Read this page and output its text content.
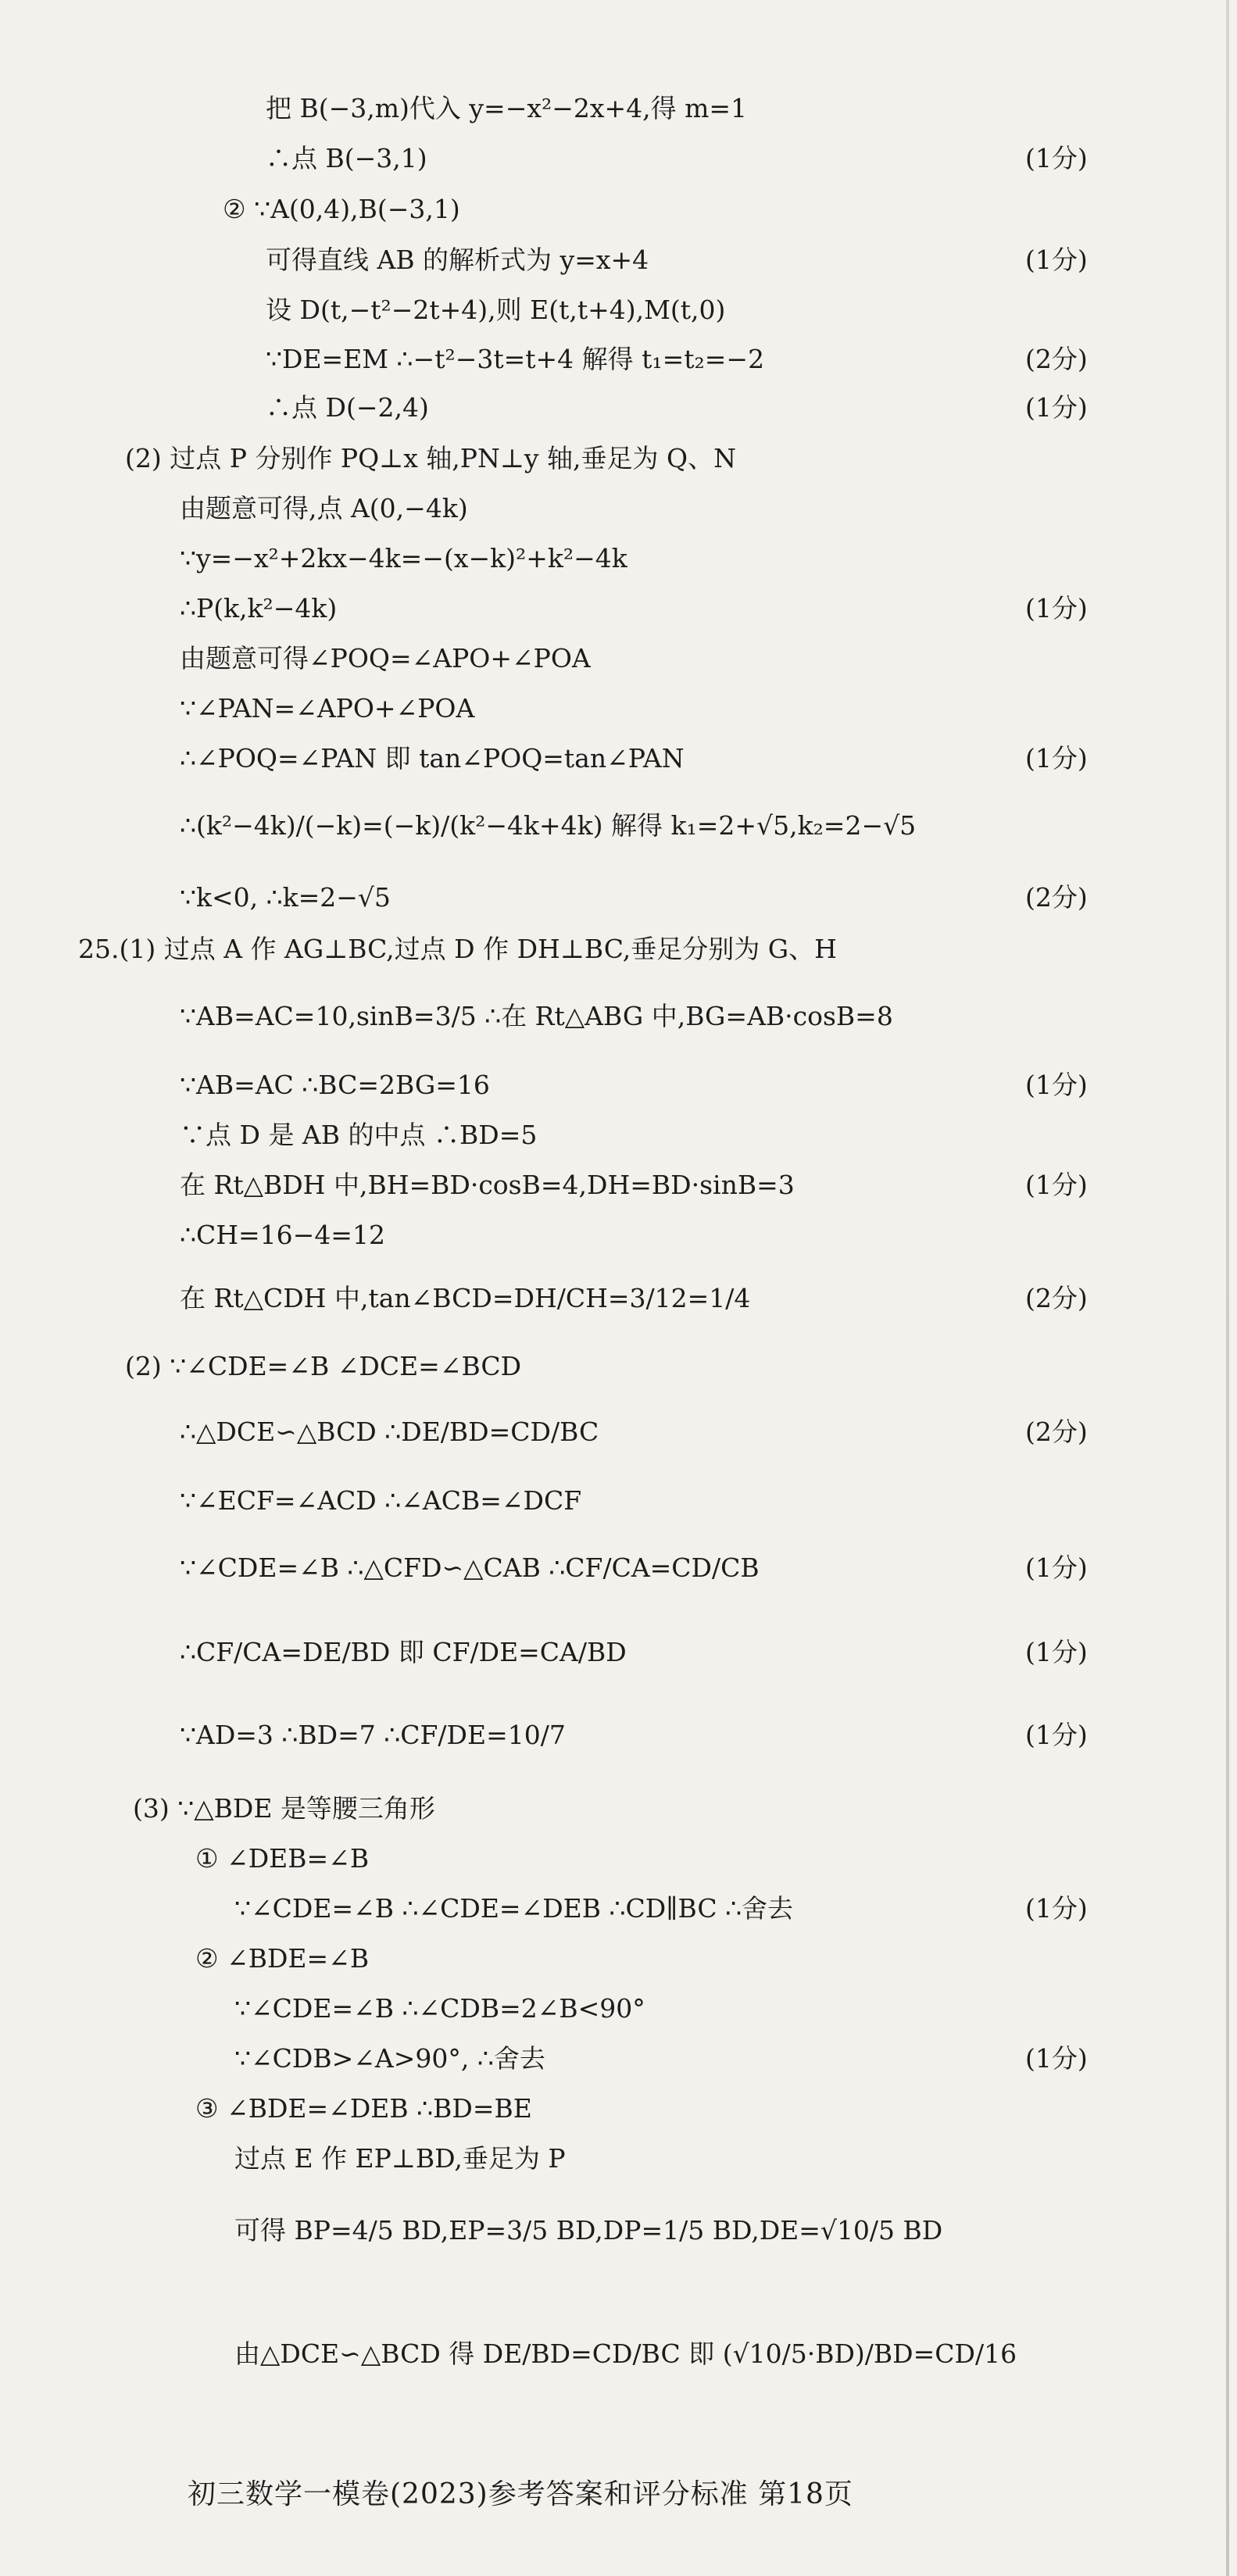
把 B(−3,m)代入 y=−x²−2x+4,得 m=1
∴点 B(−3,1)	(1分)
② ∵A(0,4),B(−3,1)
可得直线 AB 的解析式为 y=x+4	(1分)
设 D(t,−t²−2t+4),则 E(t,t+4),M(t,0)
∵DE=EM ∴−t²−3t=t+4 解得 t₁=t₂=−2	(2分)
∴点 D(−2,4)	(1分)
(2) 过点 P 分别作 PQ⊥x 轴,PN⊥y 轴,垂足为 Q、N
由题意可得,点 A(0,−4k)
∵y=−x²+2kx−4k=−(x−k)²+k²−4k
∴P(k,k²−4k)	(1分)
由题意可得∠POQ=∠APO+∠POA
∵∠PAN=∠APO+∠POA
∴∠POQ=∠PAN 即 tan∠POQ=tan∠PAN	(1分)
∴(k²−4k)/(−k)=(−k)/(k²−4k+4k) 解得 k₁=2+√5,k₂=2−√5
∵k<0, ∴k=2−√5	(2分)
25.(1) 过点 A 作 AG⊥BC,过点 D 作 DH⊥BC,垂足分别为 G、H
∵AB=AC=10,sinB=3/5 ∴在 Rt△ABG 中,BG=AB·cosB=8
∵AB=AC ∴BC=2BG=16	(1分)
∵点 D 是 AB 的中点 ∴BD=5
在 Rt△BDH 中,BH=BD·cosB=4,DH=BD·sinB=3	(1分)
∴CH=16−4=12
在 Rt△CDH 中,tan∠BCD=DH/CH=3/12=1/4	(2分)
(2) ∵∠CDE=∠B ∠DCE=∠BCD
∴△DCE∽△BCD ∴DE/BD=CD/BC	(2分)
∵∠ECF=∠ACD ∴∠ACB=∠DCF
∵∠CDE=∠B ∴△CFD∽△CAB ∴CF/CA=CD/CB	(1分)
∴CF/CA=DE/BD 即 CF/DE=CA/BD	(1分)
∵AD=3 ∴BD=7 ∴CF/DE=10/7	(1分)
(3) ∵△BDE 是等腰三角形
① ∠DEB=∠B
∵∠CDE=∠B ∴∠CDE=∠DEB ∴CD∥BC ∴舍去	(1分)
② ∠BDE=∠B
∵∠CDE=∠B ∴∠CDB=2∠B<90°
∵∠CDB>∠A>90°, ∴舍去	(1分)
③ ∠BDE=∠DEB ∴BD=BE
过点 E 作 EP⊥BD,垂足为 P
可得 BP=4/5 BD,EP=3/5 BD,DP=1/5 BD,DE=√10/5 BD
由△DCE∽△BCD 得 DE/BD=CD/BC 即 (√10/5·BD)/BD=CD/16
初三数学一模卷(2023)参考答案和评分标准 第18页
